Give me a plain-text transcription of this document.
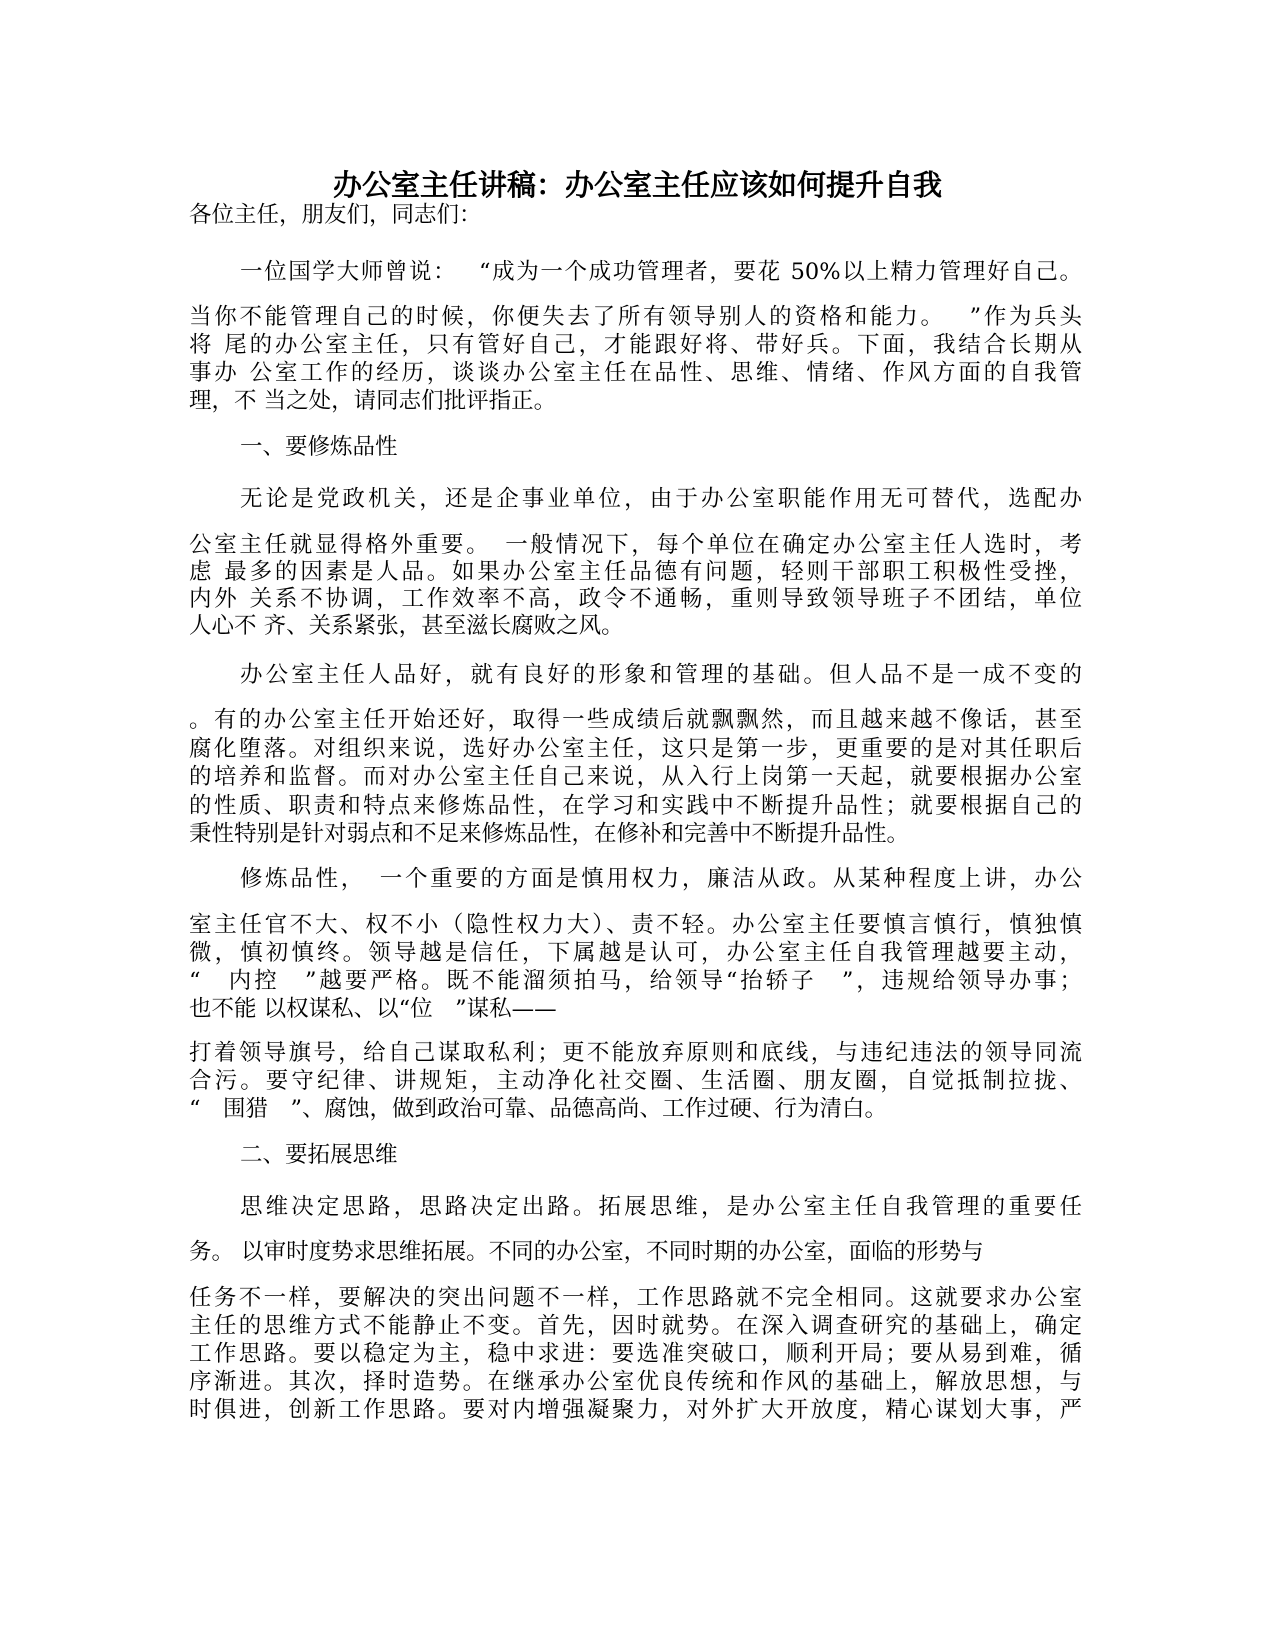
办公室主任讲稿：办公室主任应该如何提升自我
各位主任，朋友们，同志们：
一位国学大师曾说：　 “成为一个成功管理者，要花 50%以上精力管理好自己。
当你不能管理自己的时候，你便失去了所有领导别人的资格和能力。　 ”作为兵头
将 尾的办公室主任，只有管好自己，才能跟好将、带好兵。下面，我结合长期从
事办 公室工作的经历，谈谈办公室主任在品性、思维、情绪、作风方面的自我管
理，不 当之处，请同志们批评指正。
一、要修炼品性
无论是党政机关，还是企事业单位，由于办公室职能作用无可替代，选配办
公室主任就显得格外重要。　一般情况下，每个单位在确定办公室主任人选时，考
虑 最多的因素是人品。如果办公室主任品德有问题，轻则干部职工积极性受挫，
内外 关系不协调，工作效率不高，政令不通畅，重则导致领导班子不团结，单位
人心不 齐、关系紧张，甚至滋长腐败之风。
办公室主任人品好，就有良好的形象和管理的基础。但人品不是一成不变的
。有的办公室主任开始还好，取得一些成绩后就飘飘然，而且越来越不像话，甚至
腐化堕落。对组织来说，选好办公室主任，这只是第一步，更重要的是对其任职后
的培养和监督。而对办公室主任自己来说，从入行上岗第一天起，就要根据办公室
的性质、职责和特点来修炼品性，在学习和实践中不断提升品性；就要根据自己的
秉性特别是针对弱点和不足来修炼品性，在修补和完善中不断提升品性。
修炼品性，　一个重要的方面是慎用权力，廉洁从政。从某种程度上讲，办公
室主任官不大、权不小（隐性权力大）、责不轻。办公室主任要慎言慎行，慎独慎
微，慎初慎终。领导越是信任，下属越是认可，办公室主任自我管理越要主动，
“　内控　”越要严格。既不能溜须拍马，给领导“抬轿子　”，违规给领导办事；
也不能 以权谋私、以“位　”谋私——
打着领导旗号，给自己谋取私利；更不能放弃原则和底线，与违纪违法的领导同流
合污。要守纪律、讲规矩，主动净化社交圈、生活圈、朋友圈，自觉抵制拉拢、
“　围猎　”、腐蚀，做到政治可靠、品德高尚、工作过硬、行为清白。
二、要拓展思维
思维决定思路，思路决定出路。拓展思维，是办公室主任自我管理的重要任
务。 以审时度势求思维拓展。不同的办公室，不同时期的办公室，面临的形势与
任务不一样，要解决的突出问题不一样，工作思路就不完全相同。这就要求办公室
主任的思维方式不能静止不变。首先，因时就势。在深入调查研究的基础上，确定
工作思路。要以稳定为主，稳中求进：要选准突破口，顺利开局；要从易到难，循
序渐进。其次，择时造势。在继承办公室优良传统和作风的基础上，解放思想，与
时俱进，创新工作思路。要对内增强凝聚力，对外扩大开放度，精心谋划大事，严
